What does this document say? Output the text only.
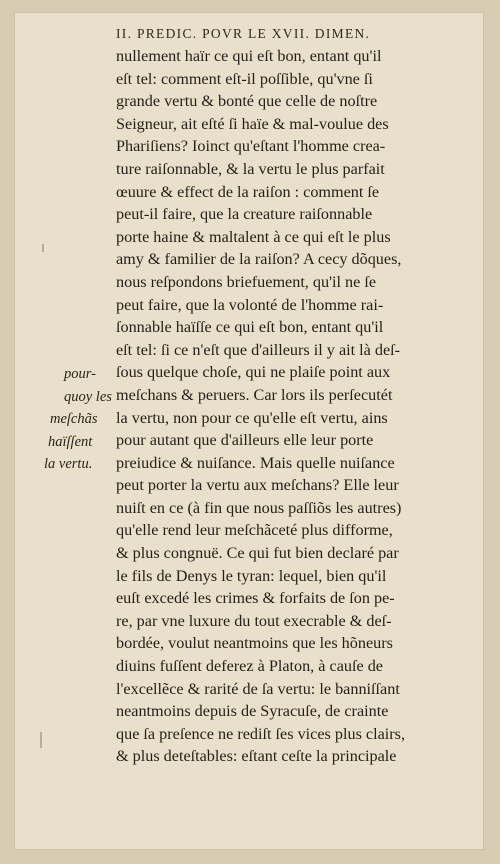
II. PREDIC. POVR LE XVII. DIMEN.
nullement haïr ce qui eſt bon, entant qu'il
eſt tel: comment eſt-il poſſible, qu'vne ſi
grande vertu & bonté que celle de noſtre
Seigneur, ait eſté ſi haïe & mal-voulue des
Phariſiens? Ioinct qu'eſtant l'homme crea-
ture raiſonnable, & la vertu le plus parfait
œuure & effect de la raiſon : comment ſe
peut-il faire, que la creature raiſonnable
porte haine & maltalent à ce qui eſt le plus
amy & familier de la raiſon? A cecy dõques,
nous reſpondons briefuement, qu'il ne ſe
peut faire, que la volonté de l'homme rai-
ſonnable haïſſe ce qui eſt bon, entant qu'il
eſt tel: ſi ce n'eſt que d'ailleurs il y ait là deſ-
ſous quelque choſe, qui ne plaiſe point aux
meſchans & peruers. Car lors ils perſecutét
la vertu, non pour ce qu'elle eſt vertu, ains
pour autant que d'ailleurs elle leur porte
preiudice & nuiſance. Mais quelle nuiſance
peut porter la vertu aux meſchans? Elle leur
nuiſt en ce (à fin que nous paſſiõs les autres)
qu'elle rend leur meſchãceté plus difforme,
& plus congnuë. Ce qui fut bien declaré par
le fils de Denys le tyran: lequel, bien qu'il
euſt excedé les crimes & forfaits de ſon pe-
re, par vne luxure du tout execrable & deſ-
bordée, voulut neantmoins que les hõneurs
diuins fuſſent deferez à Platon, à cauſe de
l'excellẽce & rarité de ſa vertu: le banniſſant
neantmoins depuis de Syracuſe, de crainte
que ſa preſence ne rediſt ſes vices plus clairs,
& plus deteſtables: eſtant ceſte la principale
pour-
quoy les
meſchãs
haïſſent
la vertu.
